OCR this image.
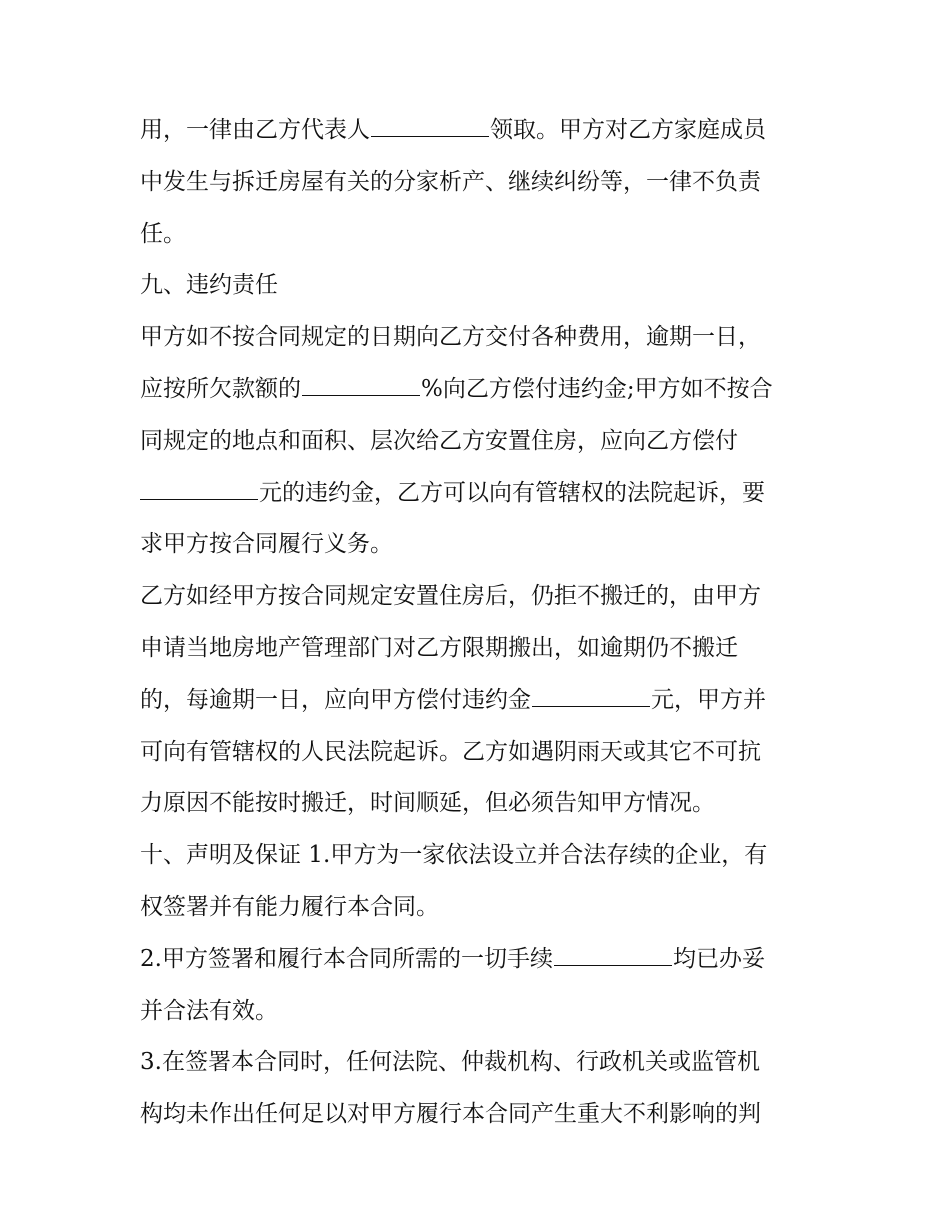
用，一律由乙方代表人	领取。甲方对乙方家庭成员
中发生与拆迁房屋有关的分家析产、继续纠纷等，一律不负责
任。
九、违约责任
甲方如不按合同规定的日期向乙方交付各种费用，逾期一日，
应按所欠款额的	%向乙方偿付违约金;甲方如不按合
同规定的地点和面积、层次给乙方安置住房，应向乙方偿付
元的违约金，乙方可以向有管辖权的法院起诉，要
求甲方按合同履行义务。
乙方如经甲方按合同规定安置住房后，仍拒不搬迁的，由甲方
申请当地房地产管理部门对乙方限期搬出，如逾期仍不搬迁
的，每逾期一日，应向甲方偿付违约金	元，甲方并
可向有管辖权的人民法院起诉。乙方如遇阴雨天或其它不可抗
力原因不能按时搬迁，时间顺延，但必须告知甲方情况。
十、声明及保证 1.甲方为一家依法设立并合法存续的企业，有
权签署并有能力履行本合同。
2.甲方签署和履行本合同所需的一切手续	均已办妥
并合法有效。
3.在签署本合同时，任何法院、仲裁机构、行政机关或监管机
构均未作出任何足以对甲方履行本合同产生重大不利影响的判
